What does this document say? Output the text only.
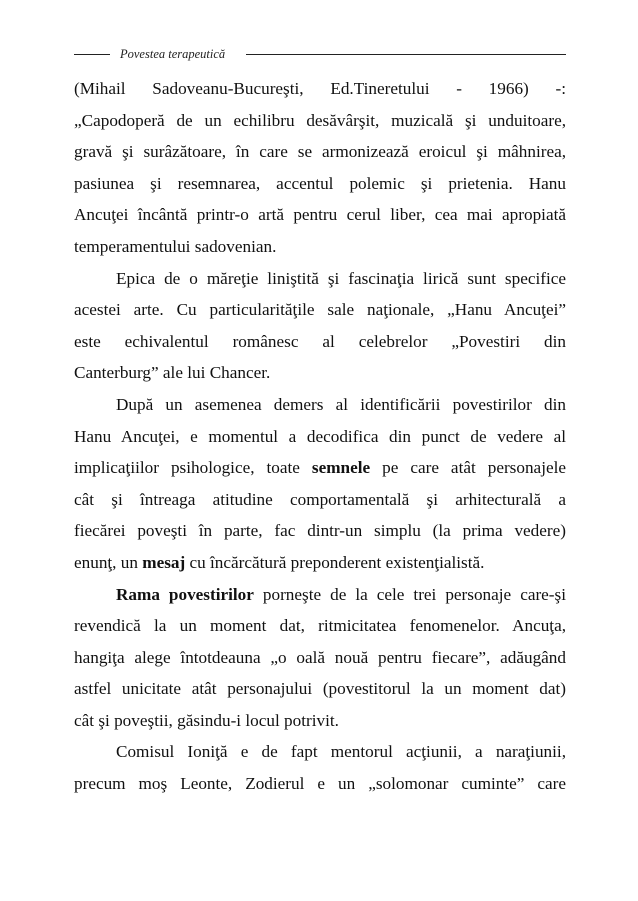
Povestea terapeutică
(Mihail Sadoveanu-Bucureşti, Ed.Tineretului - 1966) -:
„Capodoperă de un echilibru desăvârşit, muzicală şi unduitoare,
gravă şi surâzătoare, în care se armonizează eroicul şi mâhnirea,
pasiunea şi resemnarea, accentul polemic şi prietenia. Hanu
Ancuţei încântă printr-o artă pentru cerul liber, cea mai apropiată
temperamentului sadovenian.
Epica de o măreţie liniştită şi fascinaţia lirică sunt specifice
acestei arte. Cu particularităţile sale naţionale, „Hanu Ancuţei”
este echivalentul românesc al celebrelor „Povestiri din
Canterburg” ale lui Chancer.
După un asemenea demers al identificării povestirilor din
Hanu Ancuţei, e momentul a decodifica din punct de vedere al
implicaţiilor psihologice, toate semnele pe care atât personajele
cât şi întreaga atitudine comportamentală şi arhitecturală a
fiecărei poveşti în parte, fac dintr-un simplu (la prima vedere)
enunţ, un mesaj cu încărcătură preponderent existenţialistă.
Rama povestirilor porneşte de la cele trei personaje care-şi
revendică la un moment dat, ritmicitatea fenomenelor. Ancuţa,
hangiţa alege întotdeauna „o oală nouă pentru fiecare”, adăugând
astfel unicitate atât personajului (povestitorul la un moment dat)
cât şi poveştii, găsindu-i locul potrivit.
Comisul Ioniţă e de fapt mentorul acţiunii, a naraţiunii,
precum moş Leonte, Zodierul e un „solomonar cuminte” care
